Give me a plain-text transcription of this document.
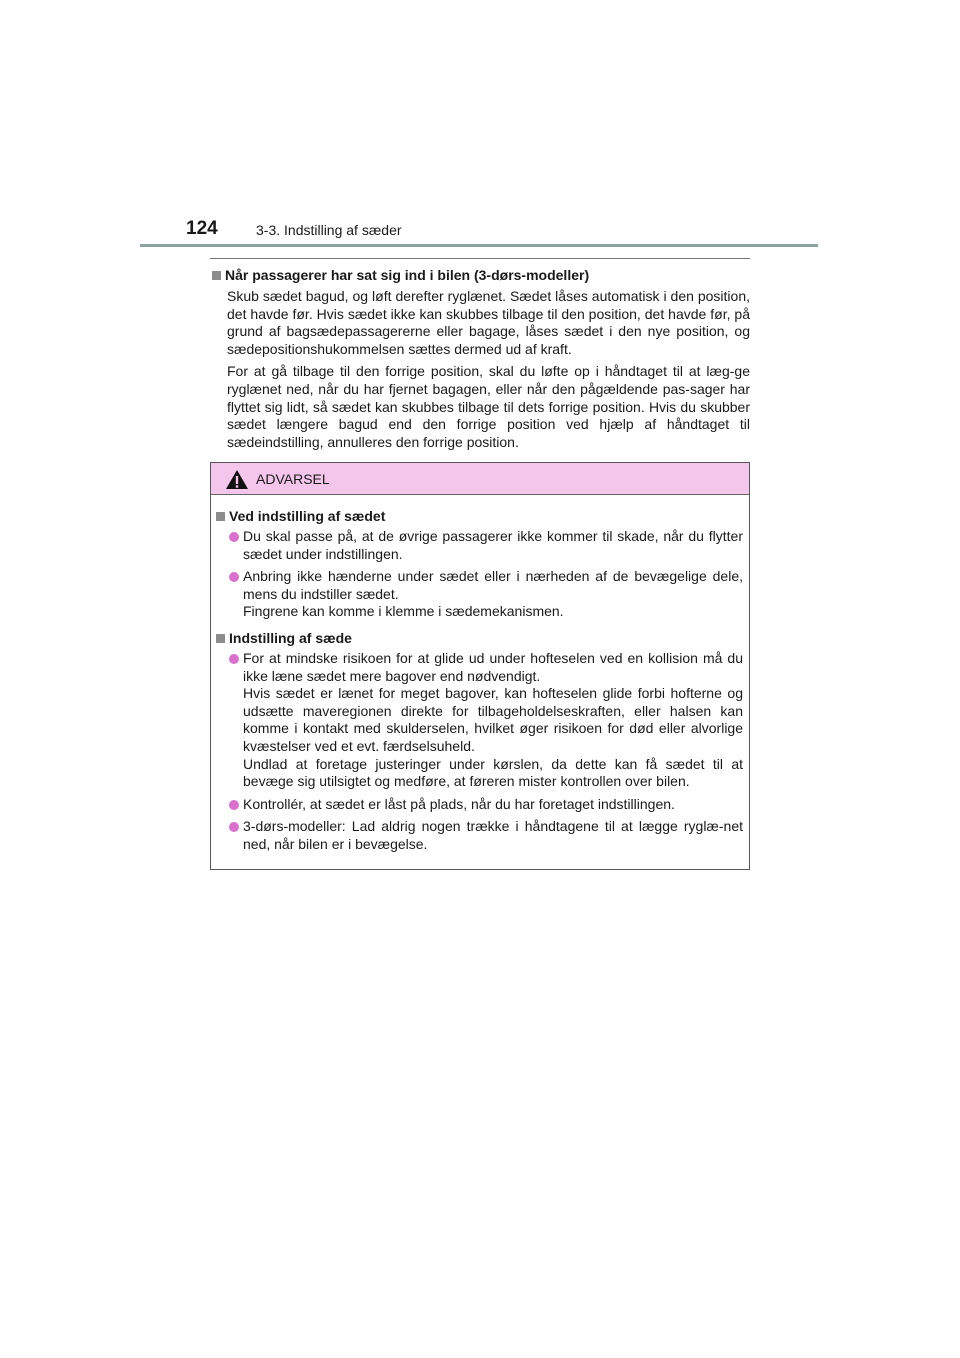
124	3-3. Indstilling af sæder
Når passagerer har sat sig ind i bilen (3-dørs-modeller)
Skub sædet bagud, og løft derefter ryglænet. Sædet låses automatisk i den position, det havde før. Hvis sædet ikke kan skubbes tilbage til den position, det havde før, på grund af bagsædepassagererne eller bagage, låses sædet i den nye position, og sædepositionshukommelsen sættes dermed ud af kraft.
For at gå tilbage til den forrige position, skal du løfte op i håndtaget til at læg-ge ryglænet ned, når du har fjernet bagagen, eller når den pågældende pas-sager har flyttet sig lidt, så sædet kan skubbes tilbage til dets forrige position. Hvis du skubber sædet længere bagud end den forrige position ved hjælp af håndtaget til sædeindstilling, annulleres den forrige position.
ADVARSEL
Ved indstilling af sædet
Du skal passe på, at de øvrige passagerer ikke kommer til skade, når du flytter sædet under indstillingen.
Anbring ikke hænderne under sædet eller i nærheden af de bevægelige dele, mens du indstiller sædet.
Fingrene kan komme i klemme i sædemekanismen.
Indstilling af sæde
For at mindske risikoen for at glide ud under hofteselen ved en kollision må du ikke læne sædet mere bagover end nødvendigt.
Hvis sædet er lænet for meget bagover, kan hofteselen glide forbi hofterne og udsætte maveregionen direkte for tilbageholdelseskraften, eller halsen kan komme i kontakt med skulderselen, hvilket øger risikoen for død eller alvorlige kvæstelser ved et evt. færdselsuheld.
Undlad at foretage justeringer under kørslen, da dette kan få sædet til at bevæge sig utilsigtet og medføre, at føreren mister kontrollen over bilen.
Kontrollér, at sædet er låst på plads, når du har foretaget indstillingen.
3-dørs-modeller: Lad aldrig nogen trække i håndtagene til at lægge ryglæ-net ned, når bilen er i bevægelse.
